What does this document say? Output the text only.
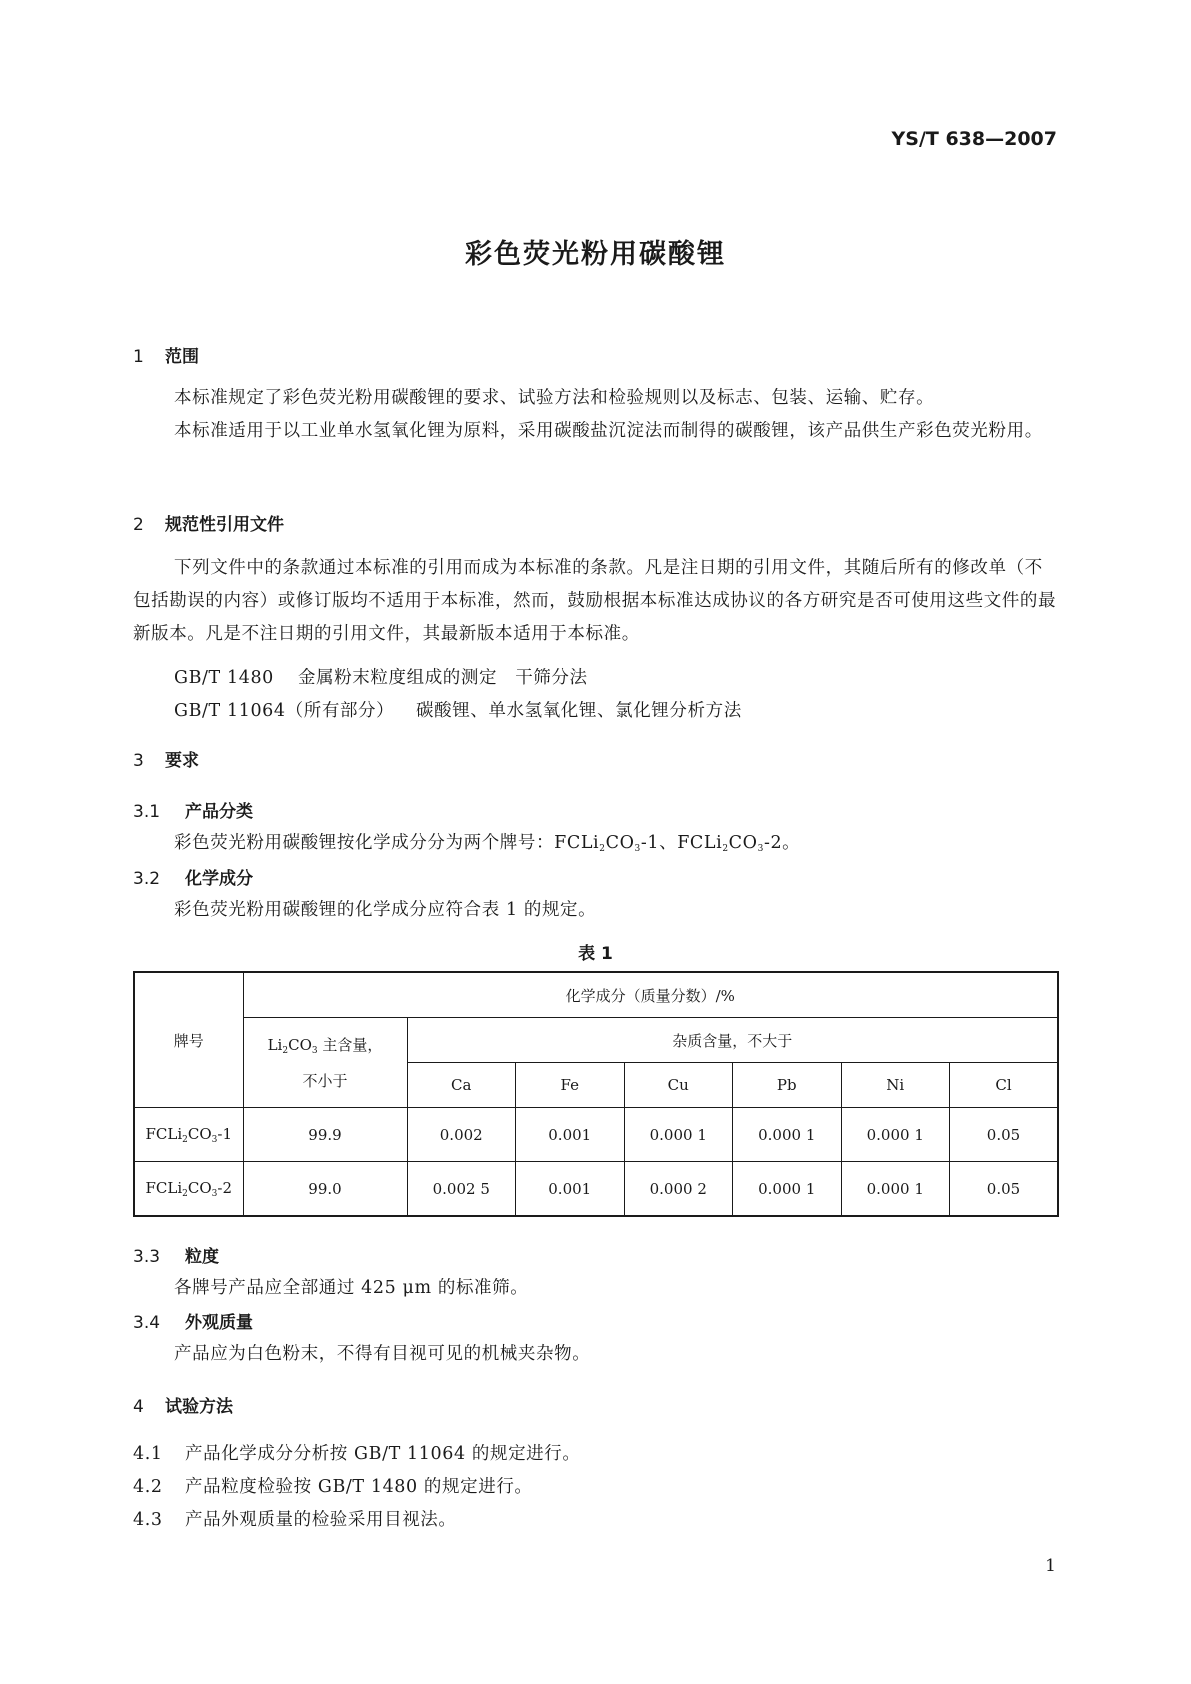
YS/T 638—2007
彩色荧光粉用碳酸锂
1 范围
本标准规定了彩色荧光粉用碳酸锂的要求、试验方法和检验规则以及标志、包装、运输、贮存。
本标准适用于以工业单水氢氧化锂为原料，采用碳酸盐沉淀法而制得的碳酸锂，该产品供生产彩色荧光粉用。
2 规范性引用文件
下列文件中的条款通过本标准的引用而成为本标准的条款。凡是注日期的引用文件，其随后所有的修改单（不包括勘误的内容）或修订版均不适用于本标准，然而，鼓励根据本标准达成协议的各方研究是否可使用这些文件的最新版本。凡是不注日期的引用文件，其最新版本适用于本标准。
GB/T 1480 金属粉末粒度组成的测定　干筛分法
GB/T 11064（所有部分） 碳酸锂、单水氢氧化锂、氯化锂分析方法
3 要求
3.1 产品分类
彩色荧光粉用碳酸锂按化学成分分为两个牌号：$FCLi_2CO_3-1$、$FCLi_2CO_3-2$。
3.2 化学成分
彩色荧光粉用碳酸锂的化学成分应符合表 1 的规定。
表 1
牌号	化学成分（质量分数）/%						
	$Li_2CO_3$ 主含量，
不小于	杂质含量，不大于					
		Ca	Fe	Cu	Pb	Ni	Cl
$FCLi_2CO_3-1$	99.9	0.002	0.001	0.000 1	0.000 1	0.000 1	0.05
$FCLi_2CO_3-2$	99.0	0.002 5	0.001	0.000 2	0.000 1	0.000 1	0.05
3.3 粒度
各牌号产品应全部通过 425 μm 的标准筛。
3.4 外观质量
产品应为白色粉末，不得有目视可见的机械夹杂物。
4 试验方法
4.1 产品化学成分分析按 GB/T 11064 的规定进行。
4.2 产品粒度检验按 GB/T 1480 的规定进行。
4.3 产品外观质量的检验采用目视法。
1
